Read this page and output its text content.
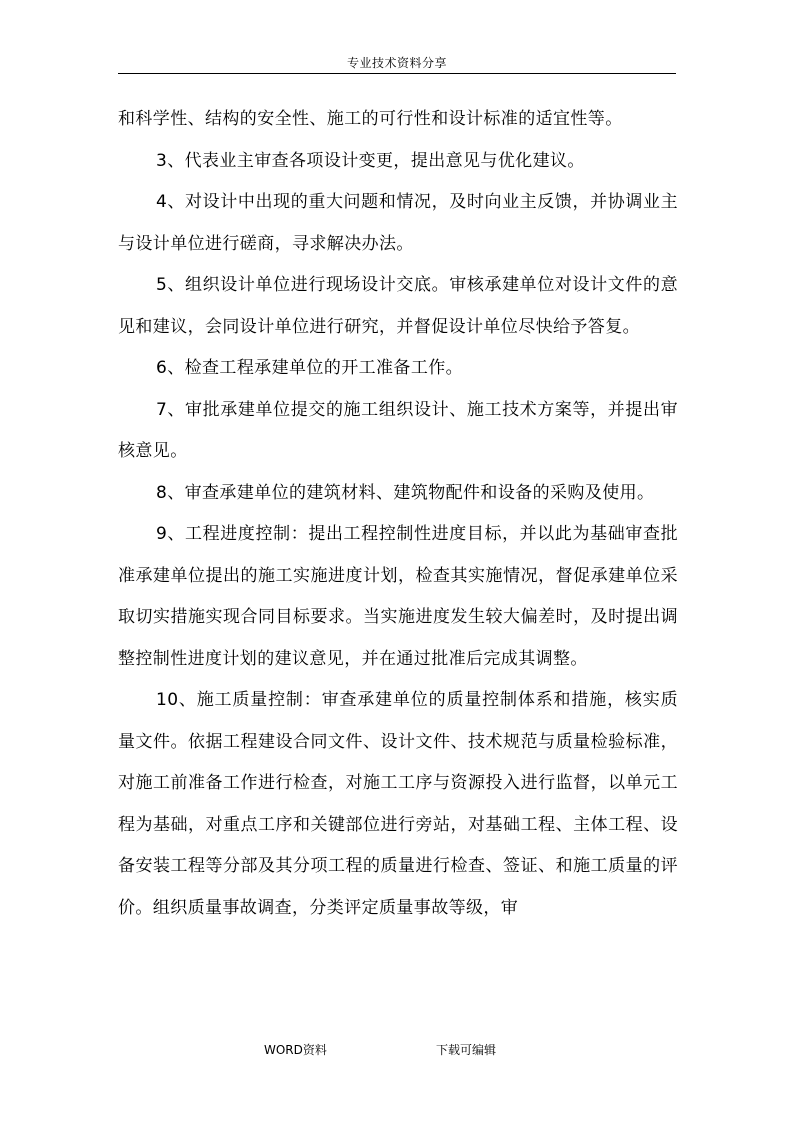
专业技术资料分享

和科学性、结构的安全性、施工的可行性和设计标准的适宜性等。

3、代表业主审查各项设计变更，提出意见与优化建议。

4、对设计中出现的重大问题和情况，及时向业主反馈，并协调业主与设计单位进行磋商，寻求解决办法。

5、组织设计单位进行现场设计交底。审核承建单位对设计文件的意见和建议，会同设计单位进行研究，并督促设计单位尽快给予答复。

6、检查工程承建单位的开工准备工作。

7、审批承建单位提交的施工组织设计、施工技术方案等，并提出审核意见。

8、审查承建单位的建筑材料、建筑物配件和设备的采购及使用。

9、工程进度控制：提出工程控制性进度目标，并以此为基础审查批准承建单位提出的施工实施进度计划，检查其实施情况，督促承建单位采取切实措施实现合同目标要求。当实施进度发生较大偏差时，及时提出调整控制性进度计划的建议意见，并在通过批准后完成其调整。

10、施工质量控制：审查承建单位的质量控制体系和措施，核实质量文件。依据工程建设合同文件、设计文件、技术规范与质量检验标准，对施工前准备工作进行检查，对施工工序与资源投入进行监督，以单元工程为基础，对重点工序和关键部位进行旁站，对基础工程、主体工程、设备安装工程等分部及其分项工程的质量进行检查、签证、和施工质量的评价。组织质量事故调查，分类评定质量事故等级，审

WORD资料	下载可编辑
